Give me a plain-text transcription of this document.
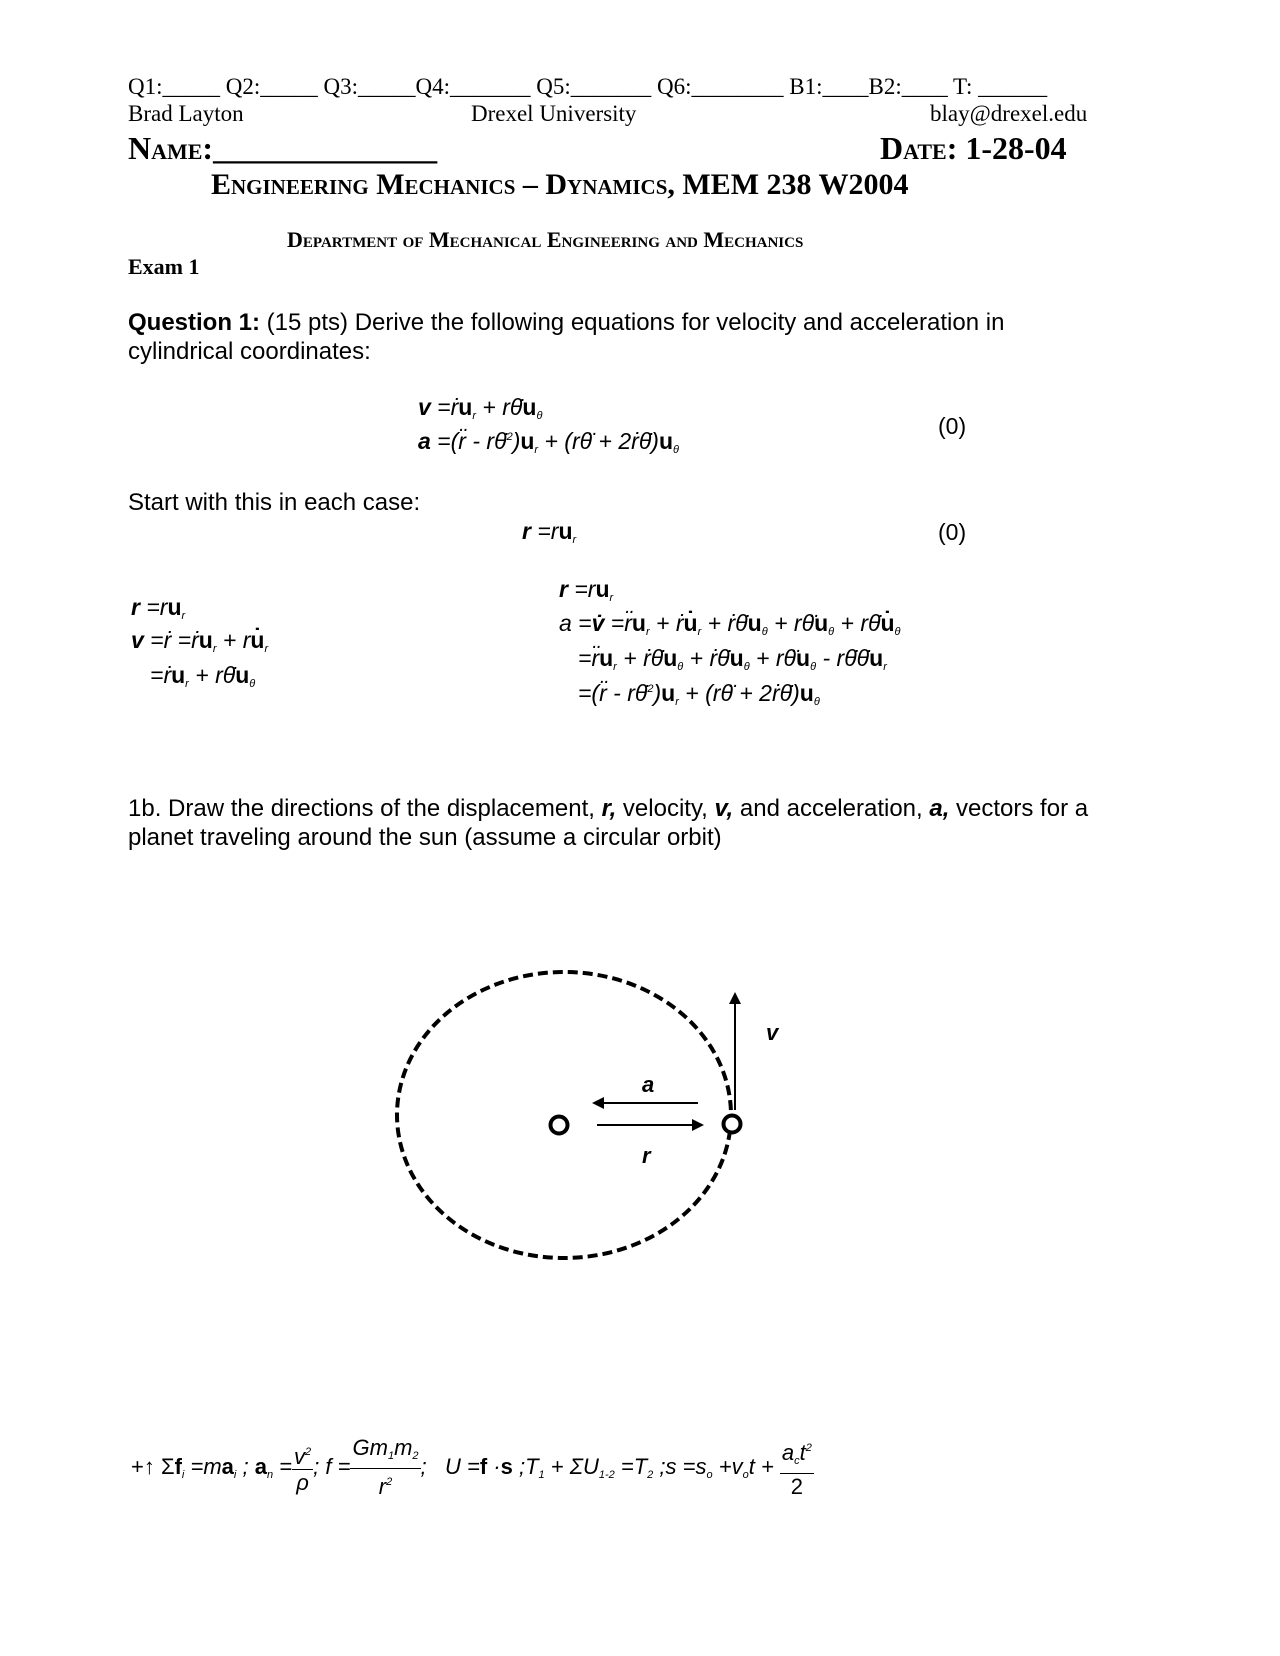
Q1:_____ Q2:_____ Q3:_____Q4:_______ Q5:_______ Q6:________ B1:____B2:____ T: ______
Brad Layton	Drexel University	blay@drexel.edu
Name:______________	Date: 1-28-04
Engineering Mechanics – Dynamics, MEM 238 W2004
Department of Mechanical Engineering and Mechanics
Exam 1
Question 1: (15 pts) Derive the following equations for velocity and acceleration in cylindrical coordinates:
v =ṙu$_r$ + $r\thetȧu_\theta$
a =(r̈ - $r\thetȧ^2)u_r$ + (rθ̈ + $2ṙ\thetȧ)u_\theta$
(0)
Start with this in each case:
$r =ru_r$	(0)
$r =ru_r$
v =ṙ =ṙu$_r$ + $ru̇_r$
=ṙu$_r$ + $r\thetȧu_\theta$
$r =ru_r$
a =v̇ $=r̈u_r$ + $ṙu̇_r$ + $ṙ\thetȧu_\theta$ + $r\thetäu_\theta$ + $r\thetȧu̇_\theta$
$=r̈u_r$ + $ṙ\thetȧu_\theta$ + $ṙ\thetȧu_\theta$ + $r\thetäu_\theta$ - $r\thetȧ\thetȧu_r$
=(r̈ - $r\thetȧ^2)u_r$ + (rθ̈ + $2ṙ\thetȧ)u_\theta$
1b. Draw the directions of the displacement, r, velocity, v, and acceleration, a, vectors for a planet traveling around the sun (assume a circular orbit)
v
a
r
+↑ $\Sigma f_i =ma_i$ ; $a_n = \frac{v^2}{\rho}$ ; $f = \frac{Gm_1m_2}{r^2}$ ;   U =f ·s $;T_1 + \Sigma U_{1-2} =T_2$ ;s $=s_o +v_ot + \frac{a_ct^2}{2}$
